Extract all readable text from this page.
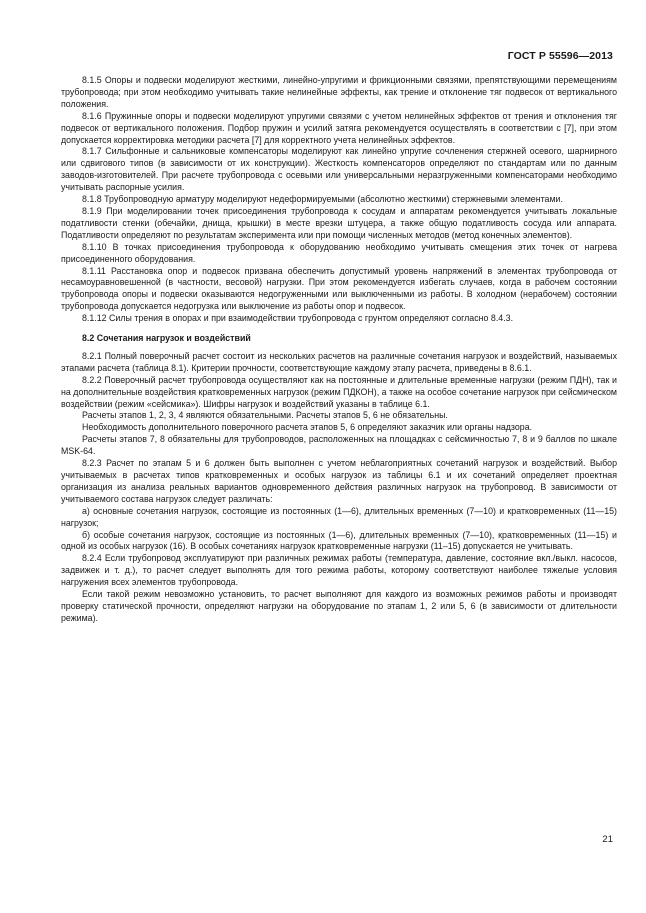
ГОСТ Р 55596—2013

8.1.5 Опоры и подвески моделируют жесткими, линейно-упругими и фрикционными связями, препятствующими перемещениям трубопровода; при этом необходимо учитывать такие нелинейные эффекты, как трение и отклонение тяг подвесок от вертикального положения.

8.1.6 Пружинные опоры и подвески моделируют упругими связями с учетом нелинейных эффектов от трения и отклонения тяг подвесок от вертикального положения. Подбор пружин и усилий затяга рекомендуется осуществлять в соответствии с [7], при этом допускается корректировка методики расчета [7] для корректного учета нелинейных эффектов.

8.1.7 Сильфонные и сальниковые компенсаторы моделируют как линейно упругие сочленения стержней осевого, шарнирного или сдвигового типов (в зависимости от их конструкции). Жесткость компенсаторов определяют по стандартам или по данным заводов-изготовителей. При расчете трубопровода с осевыми или универсальными неразгруженными компенсаторами необходимо учитывать распорные усилия.

8.1.8 Трубопроводную арматуру моделируют недеформируемыми (абсолютно жесткими) стержневыми элементами.

8.1.9 При моделировании точек присоединения трубопровода к сосудам и аппаратам рекомендуется учитывать локальные податливости стенки (обечайки, днища, крышки) в месте врезки штуцера, а также общую податливость сосуда или аппарата. Податливости определяют по результатам эксперимента или при помощи численных методов (метод конечных элементов).

8.1.10 В точках присоединения трубопровода к оборудованию необходимо учитывать смещения этих точек от нагрева присоединенного оборудования.

8.1.11 Расстановка опор и подвесок призвана обеспечить допустимый уровень напряжений в элементах трубопровода от несамоуравновешенной (в частности, весовой) нагрузки. При этом рекомендуется избегать случаев, когда в рабочем состоянии трубопровода опоры и подвески оказываются недогруженными или выключенными из работы. В холодном (нерабочем) состоянии трубопровода допускается недогрузка или выключение из работы опор и подвесок.

8.1.12 Силы трения в опорах и при взаимодействии трубопровода с грунтом определяют согласно 8.4.3.

8.2 Сочетания нагрузок и воздействий

8.2.1 Полный поверочный расчет состоит из нескольких расчетов на различные сочетания нагрузок и воздействий, называемых этапами расчета (таблица 8.1). Критерии прочности, соответствующие каждому этапу расчета, приведены в 8.6.1.

8.2.2 Поверочный расчет трубопровода осуществляют как на постоянные и длительные временные нагрузки (режим ПДН), так и на дополнительные воздействия кратковременных нагрузок (режим ПДКОН), а также на особое сочетание нагрузок при сейсмическом воздействии (режим «сейсмика»). Шифры нагрузок и воздействий указаны в таблице 6.1.

Расчеты этапов 1, 2, 3, 4 являются обязательными. Расчеты этапов 5, 6 не обязательны.

Необходимость дополнительного поверочного расчета этапов 5, 6 определяют заказчик или органы надзора.

Расчеты этапов 7, 8 обязательны для трубопроводов, расположенных на площадках с сейсмичностью 7, 8 и 9 баллов по шкале MSK-64.

8.2.3 Расчет по этапам 5 и 6 должен быть выполнен с учетом неблагоприятных сочетаний нагрузок и воздействий. Выбор учитываемых в расчетах типов кратковременных и особых нагрузок из таблицы 6.1 и их сочетаний определяет проектная организация из анализа реальных вариантов одновременного действия различных нагрузок на трубопровод. В зависимости от учитываемого состава нагрузок следует различать:

а) основные сочетания нагрузок, состоящие из постоянных (1—6), длительных временных (7—10) и кратковременных (11—15) нагрузок;

б) особые сочетания нагрузок, состоящие из постоянных (1—6), длительных временных (7—10), кратковременных (11—15) и одной из особых нагрузок (16). В особых сочетаниях нагрузок кратковременные нагрузки (11–15) допускается не учитывать.

8.2.4 Если трубопровод эксплуатируют при различных режимах работы (температура, давление, состояние вкл./выкл. насосов, задвижек и т. д.), то расчет следует выполнять для того режима работы, которому соответствуют наиболее тяжелые условия нагружения всех элементов трубопровода.

Если такой режим невозможно установить, то расчет выполняют для каждого из возможных режимов работы и производят проверку статической прочности, определяют нагрузки на оборудование по этапам 1, 2 или 5, 6 (в зависимости от длительности режима).

21
